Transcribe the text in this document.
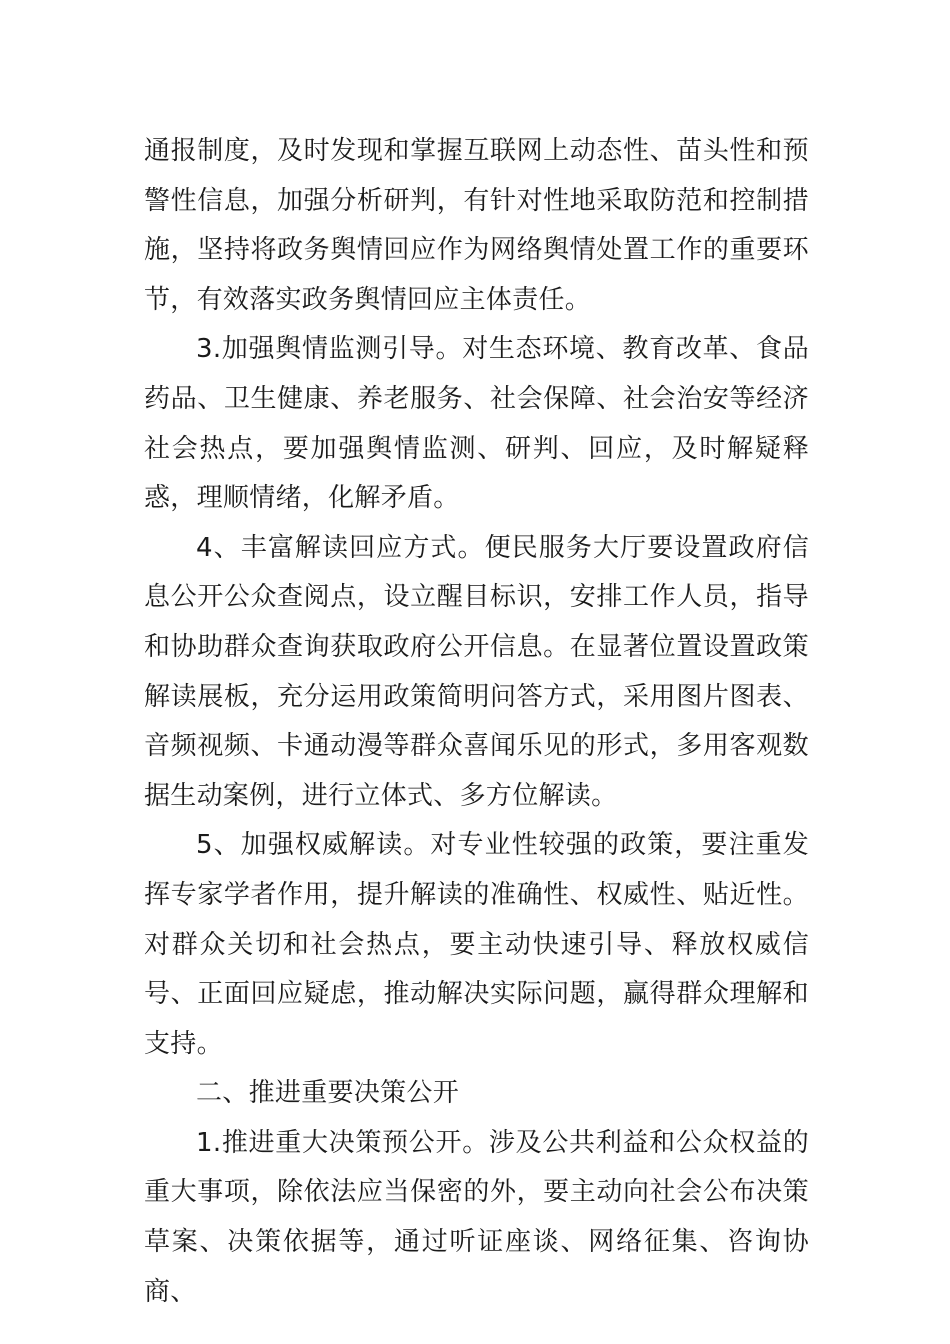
通报制度，及时发现和掌握互联网上动态性、苗头性和预警性信息，加强分析研判，有针对性地采取防范和控制措施，坚持将政务舆情回应作为网络舆情处置工作的重要环节，有效落实政务舆情回应主体责任。

3.加强舆情监测引导。对生态环境、教育改革、食品药品、卫生健康、养老服务、社会保障、社会治安等经济社会热点，要加强舆情监测、研判、回应，及时解疑释惑，理顺情绪，化解矛盾。

4、丰富解读回应方式。便民服务大厅要设置政府信息公开公众查阅点，设立醒目标识，安排工作人员，指导和协助群众查询获取政府公开信息。在显著位置设置政策解读展板，充分运用政策简明问答方式，采用图片图表、音频视频、卡通动漫等群众喜闻乐见的形式，多用客观数据生动案例，进行立体式、多方位解读。

5、加强权威解读。对专业性较强的政策，要注重发挥专家学者作用，提升解读的准确性、权威性、贴近性。对群众关切和社会热点，要主动快速引导、释放权威信号、正面回应疑虑，推动解决实际问题，赢得群众理解和支持。

二、推进重要决策公开

1.推进重大决策预公开。涉及公共利益和公众权益的重大事项，除依法应当保密的外，要主动向社会公布决策草案、决策依据等，通过听证座谈、网络征集、咨询协商、
